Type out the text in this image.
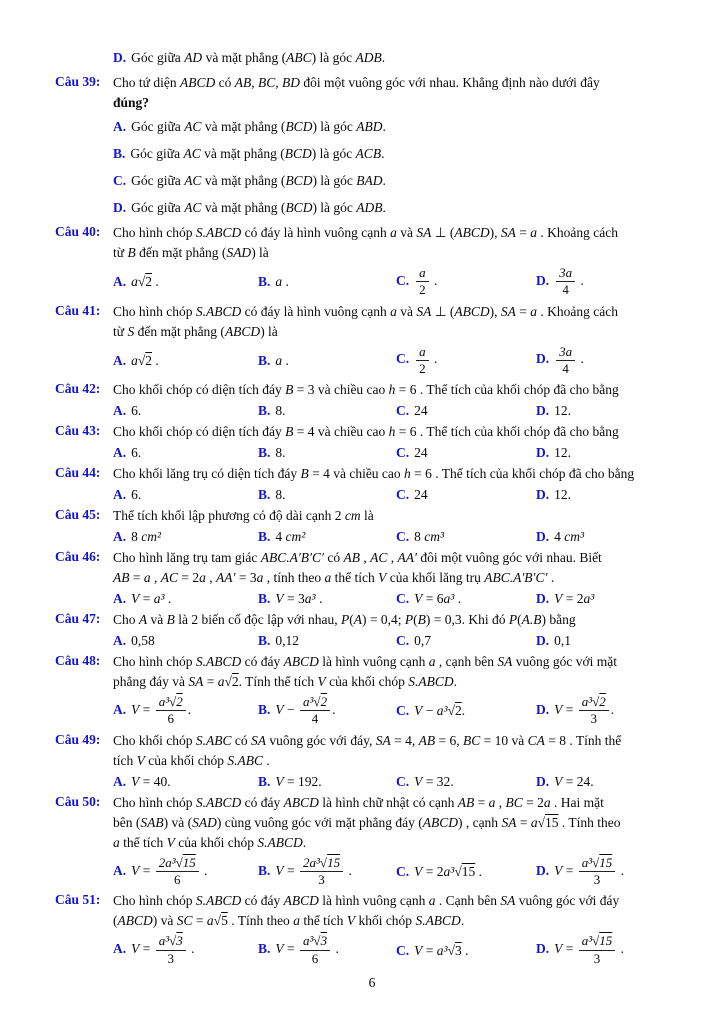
D. Góc giữa AD và mặt phẳng (ABC) là góc ADB.
Câu 39: Cho tứ diện ABCD có AB, BC, BD đôi một vuông góc với nhau. Khẳng định nào dưới đây
đúng?
A. Góc giữa AC và mặt phẳng (BCD) là góc ABD.
B. Góc giữa AC và mặt phẳng (BCD) là góc ACB.
C. Góc giữa AC và mặt phẳng (BCD) là góc BAD.
D. Góc giữa AC và mặt phẳng (BCD) là góc ADB.
Câu 40: Cho hình chóp S.ABCD có đáy là hình vuông cạnh a và SA ⊥ (ABCD), SA = a . Khoảng cách
từ B đến mặt phẳng (SAD) là
A. a√2 .	B. a .	C. $\frac{a}{2}$ .	D. $\frac{3a}{4}$ .
Câu 41: Cho hình chóp S.ABCD có đáy là hình vuông cạnh a và SA ⊥ (ABCD), SA = a . Khoảng cách
từ S đến mặt phẳng (ABCD) là
A. a√2 .	B. a .	C. $\frac{a}{2}$ .	D. $\frac{3a}{4}$ .
Câu 42: Cho khối chóp có diện tích đáy B = 3 và chiều cao h = 6 . Thể tích của khối chóp đã cho bằng
A. 6.	B. 8.	C. 24	D. 12.
Câu 43: Cho khối chóp có diện tích đáy B = 4 và chiều cao h = 6 . Thể tích của khối chóp đã cho bằng
A. 6.	B. 8.	C. 24	D. 12.
Câu 44: Cho khối lăng trụ có diện tích đáy B = 4 và chiều cao h = 6 . Thể tích của khối chóp đã cho bằng
A. 6.	B. 8.	C. 24	D. 12.
Câu 45: Thể tích khối lập phương có độ dài cạnh 2 cm là
A. 8 cm²	B. 4 cm²	C. 8 cm³	D. 4 cm³
Câu 46: Cho hình lăng trụ tam giác ABC.A′B′C′ có AB , AC , AA′ đôi một vuông góc với nhau. Biết
AB = a , AC = 2a , AA′ = 3a , tính theo a thể tích V của khối lăng trụ ABC.A′B′C′ .
A. V = a³ .	B. V = 3a³ .	C. V = 6a³ .	D. V = 2a³
Câu 47: Cho A và B là 2 biến cố độc lập với nhau, P(A) = 0,4; P(B) = 0,3. Khi đó P(A.B) bằng
A. 0,58	B. 0,12	C. 0,7	D. 0,1
Câu 48: Cho hình chóp S.ABCD có đáy ABCD là hình vuông cạnh a , cạnh bên SA vuông góc với mặt
phẳng đáy và SA = a√2. Tính thể tích V của khối chóp S.ABCD.
A. $V = \frac{\text{a³√2}}{6}$ .	B. $V - \frac{\text{a³√2}}{4}$ .	C. V − a³√2.	D. $V = \frac{\text{a³√2}}{3}$ .
Câu 49: Cho khối chóp S.ABC có SA vuông góc với đáy, SA = 4, AB = 6, BC = 10 và CA = 8 . Tính thể
tích V của khối chóp S.ABC .
A. V = 40.	B. V = 192.	C. V = 32.	D. V = 24.
Câu 50: Cho hình chóp S.ABCD có đáy ABCD là hình chữ nhật có cạnh AB = a , BC = 2a . Hai mặt
bên (SAB) và (SAD) cùng vuông góc với mặt phẳng đáy (ABCD) , cạnh SA = a√15 . Tính theo
a thể tích V của khối chóp S.ABCD.
A. $V = \frac{\text{2a³√15}}{6}$ .	B. $V = \frac{\text{2a³√15}}{3}$ .	C. V = 2a³√15 .	D. $V = \frac{\text{a³√15}}{3}$ .
Câu 51: Cho hình chóp S.ABCD có đáy ABCD là hình vuông cạnh a . Cạnh bên SA vuông góc với đáy
(ABCD) và SC = a√5 . Tính theo a thể tích V khối chóp S.ABCD.
A. $V = \frac{\text{a³√3}}{3}$ .	B. $V = \frac{\text{a³√3}}{6}$ .	C. V = a³√3 .	D. $V = \frac{\text{a³√15}}{3}$ .
6
